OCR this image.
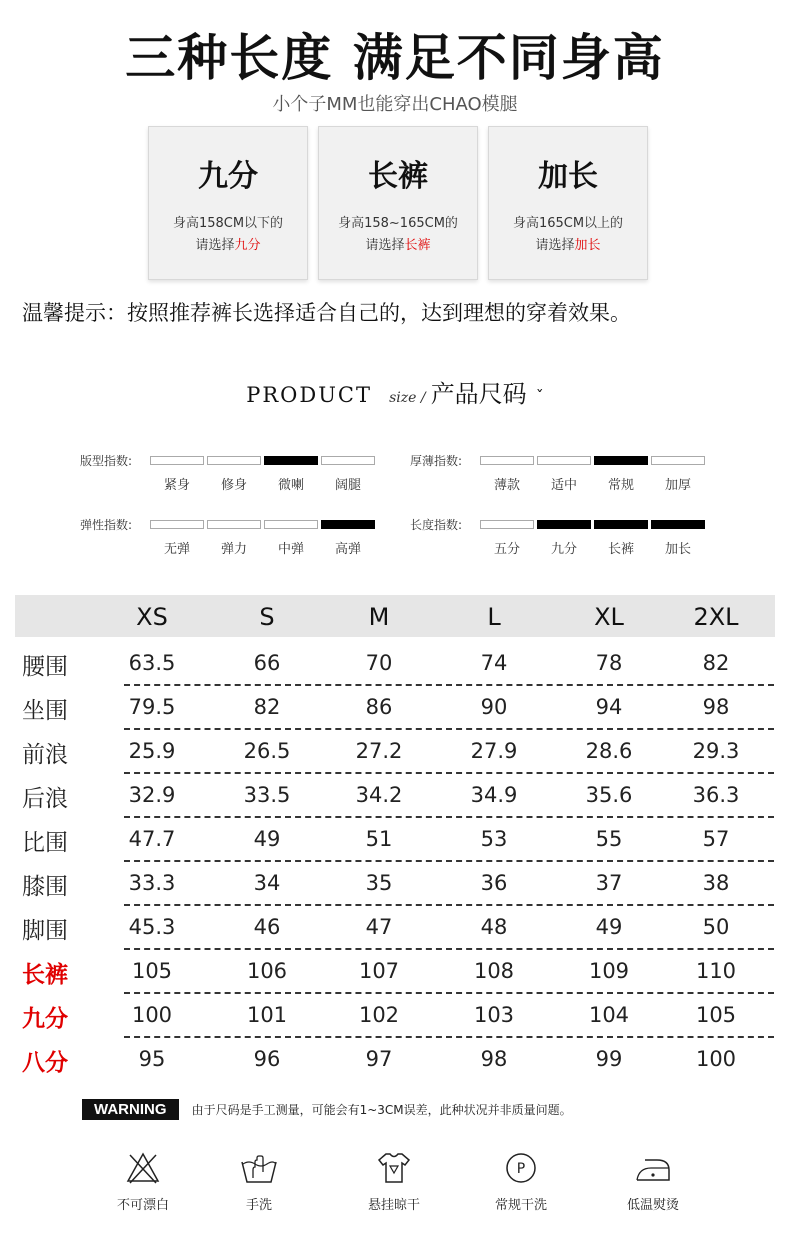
三种长度 满足不同身高
小个子MM也能穿出CHAO模腿
九分
身高158CM以下的
请选择九分
长裤
身高158~165CM的
请选择长裤
加长
身高165CM以上的
请选择加长
温馨提示：按照推荐裤长选择适合自己的，达到理想的穿着效果。
PRODUCT size / 产品尺码 ˇ
版型指数:
紧身	修身	微喇	阔腿
厚薄指数:
薄款	适中	常规	加厚
弹性指数:
无弹	弹力	中弹	高弹
长度指数:
五分	九分	长裤	加长
XS	S	M	L	XL	2XL
腰围	63.5	66	70	74	78	82
坐围	79.5	82	86	90	94	98
前浪	25.9	26.5	27.2	27.9	28.6	29.3
后浪	32.9	33.5	34.2	34.9	35.6	36.3
比围	47.7	49	51	53	55	57
膝围	33.3	34	35	36	37	38
脚围	45.3	46	47	48	49	50
长裤	105	106	107	108	109	110
九分	100	101	102	103	104	105
八分	95	96	97	98	99	100
WARNING 由于尺码是手工测量，可能会有1~3CM误差，此种状况并非质量问题。
不可漂白	手洗	悬挂晾干
P
常规干洗	低温熨烫
